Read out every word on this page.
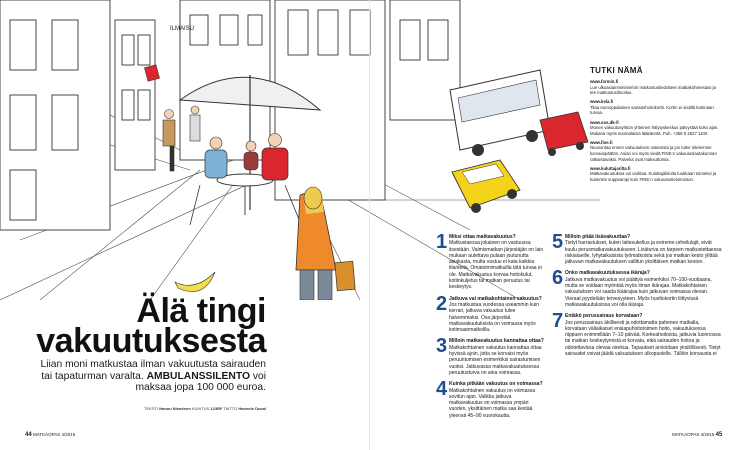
ILMAISU
TUTKI NÄMÄ
www.formin.fi
Lue ulkoasiainministeriön matkustustiedotteet matkakohteestasi ja tee matkustusilmoitus.
www.kela.fi
Tilaa eurooppalainen sairaanhoitokortti. Kortin ei sisällä kotimaan turvaa.
www.sos.dk-fi
Monen vakuutusyhtiön yhteinen hälytyskeskus päivystää koko ajan. Mukana myös suomalaisia lääkäreitä. Puh. +358 9 2527 1100.
www.fine.fi
Neuvontaa ennen vakuutuksen ostamista ja jos tulee riitelemme korvauspäätös. Asian voi myös viedä FINE:n vakuutuslautakunnan ratkaistavaksi. Palvelut ovat maksuttomia.
www.kuluttajarilta.fi
Matkavakuutuksia voi vaihtaa. Kuluttajaliitolta luokkaan toimeksi ja kuitenkin suppeampi kuin FINE:n vakuutustietoimiston.
Älä tingi
vakuutuksesta
Liian moni matkustaa ilman vakuutusta sairauden tai tapaturman varalta. AMBULANSSILENTO voi maksaa jopa 100 000 euroa.
TEKSTI Hannu Nieminen KUVITUS 123RF TAITTO Hannele Duval
1 Miksi ottaa matkavakuutus?
Matkustaessa jokainen on vastuussa itsestään. Valmismatkan järjestäjän on lain mukaan autettava pulaan joutunutta asiakasta, mutta vastuu ei kata kaikkia tilanteita. Omatoimimatkuilla tätä turvaa ei ole. Matkavakuutus korvaa hoitokulut, kotiinkuljetus tai matkan peruutus tai keskeytys.
2 Jatkuva vai matkakohtainen vakuutus?
Jos matkustaa vuodessa useammin kuin kerran, jatkuva vakuutus tulee halvemmaksi. Osa järjestää matkavakuutuksista on voimassa myös kotimaanmatkoilla.
3 Milloin matkavakuutus kannattaa ottaa?
Matkakohtainen vakuutus kannattaa ottaa hyvissä ajoin, jotta se korvaisi myös peruuntumisen esimerkiksi sairastumisen vuoksi. Jatkuvassa matkavakuutuksessa peruutusturva on aina voimassa.
4 Kuinka pitkään vakuutus on voimassa?
Matkakohtainen vakuutus on voimassa sovitun ajan. Valikka jatkuva matkavakuutus on voimassa ympäri vuoden, yksittäinen matka saa kestää yleensä 45–90 vuorokautta.
5 Milloin pitää lisävakuuttaa?
Tietyt harrastukset, kuten laitesukellus ja extreme-urheilulajit, eivät kuulu perusmatkavakuutukseen. Lisäturva on tarpeen matkustettaessa riskialueille, lyhytaikaisista työmatkoista sekä jos matkan kesto ylittää jatkuvan matkavakuutuksen sallitun yksittäisen matkan keston.
6 Onko matkavakuutuksessa ikäraja?
Jatkuva matkavakuutus voi päättyä esimerkiksi 70–100-vuotiaana, mutta se voidaan myöntää myös ilman ikärajaa. Matkakohtaisen vakuutuksen voi saada ikäärajaa kuin jatkuvan voimassa olevan. Vieraat pyydetään tervesyyteen. Myös huoltokortin liittyvissä matkavakuutuksissa voi olla ikäraja.
7 Entäkö perussairaus korvataan?
Jos perussairaus äkillisesti ja odottamatta pahenee matkalla, korvataan väliaikaiset ensiapuhoitotoimen hoito, vakuutuksessa riippuen enimmillään 7–10 päivää. Korkeahoitoista, jatkuvia luonnossa tai matkan keskeytymistä ei korvata, eikä sairauden hoitoa ja odotettavissa olevaa oireitua. Tapaukset arvioidaan yksilöllisesti. Tietyt sairaudet voivat jäädä vakuutuksen ulkopuolelle. Tällöin korvausta ei
44 MATKAOPAS 4/2015	MATKAOPAS 4/2015 45
